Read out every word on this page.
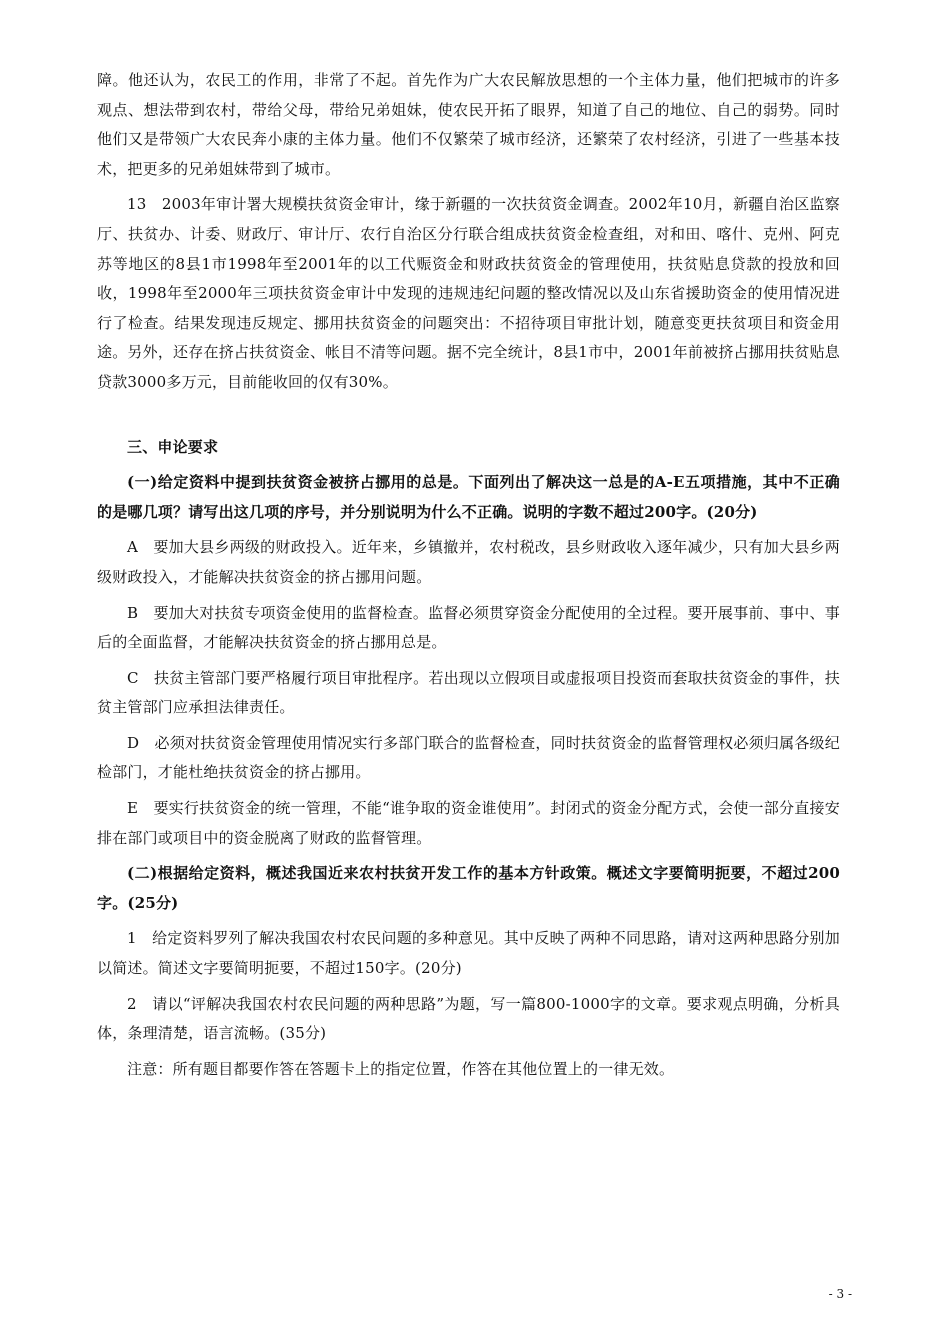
障。他还认为，农民工的作用，非常了不起。首先作为广大农民解放思想的一个主体力量，他们把城市的许多观点、想法带到农村，带给父母，带给兄弟姐妹，使农民开拓了眼界，知道了自己的地位、自己的弱势。同时他们又是带领广大农民奔小康的主体力量。他们不仅繁荣了城市经济，还繁荣了农村经济，引进了一些基本技术，把更多的兄弟姐妹带到了城市。

13　2003年审计署大规模扶贫资金审计，缘于新疆的一次扶贫资金调查。2002年10月，新疆自治区监察厅、扶贫办、计委、财政厅、审计厅、农行自治区分行联合组成扶贫资金检查组，对和田、喀什、克州、阿克苏等地区的8县1市1998年至2001年的以工代赈资金和财政扶贫资金的管理使用，扶贫贴息贷款的投放和回收，1998年至2000年三项扶贫资金审计中发现的违规违纪问题的整改情况以及山东省援助资金的使用情况进行了检查。结果发现违反规定、挪用扶贫资金的问题突出：不招待项目审批计划，随意变更扶贫项目和资金用途。另外，还存在挤占扶贫资金、帐目不清等问题。据不完全统计，8县1市中，2001年前被挤占挪用扶贫贴息贷款3000多万元，目前能收回的仅有30%。

三、申论要求

(一)给定资料中提到扶贫资金被挤占挪用的总是。下面列出了解决这一总是的A-E五项措施，其中不正确的是哪几项？请写出这几项的序号，并分别说明为什么不正确。说明的字数不超过200字。(20分)

A　要加大县乡两级的财政投入。近年来，乡镇撤并，农村税改，县乡财政收入逐年减少，只有加大县乡两级财政投入，才能解决扶贫资金的挤占挪用问题。

B　要加大对扶贫专项资金使用的监督检查。监督必须贯穿资金分配使用的全过程。要开展事前、事中、事后的全面监督，才能解决扶贫资金的挤占挪用总是。

C　扶贫主管部门要严格履行项目审批程序。若出现以立假项目或虚报项目投资而套取扶贫资金的事件，扶贫主管部门应承担法律责任。

D　必须对扶贫资金管理使用情况实行多部门联合的监督检查，同时扶贫资金的监督管理权必须归属各级纪检部门，才能杜绝扶贫资金的挤占挪用。

E　要实行扶贫资金的统一管理，不能“谁争取的资金谁使用”。封闭式的资金分配方式，会使一部分直接安排在部门或项目中的资金脱离了财政的监督管理。

(二)根据给定资料，概述我国近来农村扶贫开发工作的基本方针政策。概述文字要简明扼要，不超过200字。(25分)

1　给定资料罗列了解决我国农村农民问题的多种意见。其中反映了两种不同思路，请对这两种思路分别加以简述。简述文字要简明扼要，不超过150字。(20分)

2　请以“评解决我国农村农民问题的两种思路”为题，写一篇800-1000字的文章。要求观点明确，分析具体，条理清楚，语言流畅。(35分)

注意：所有题目都要作答在答题卡上的指定位置，作答在其他位置上的一律无效。

- 3 -
